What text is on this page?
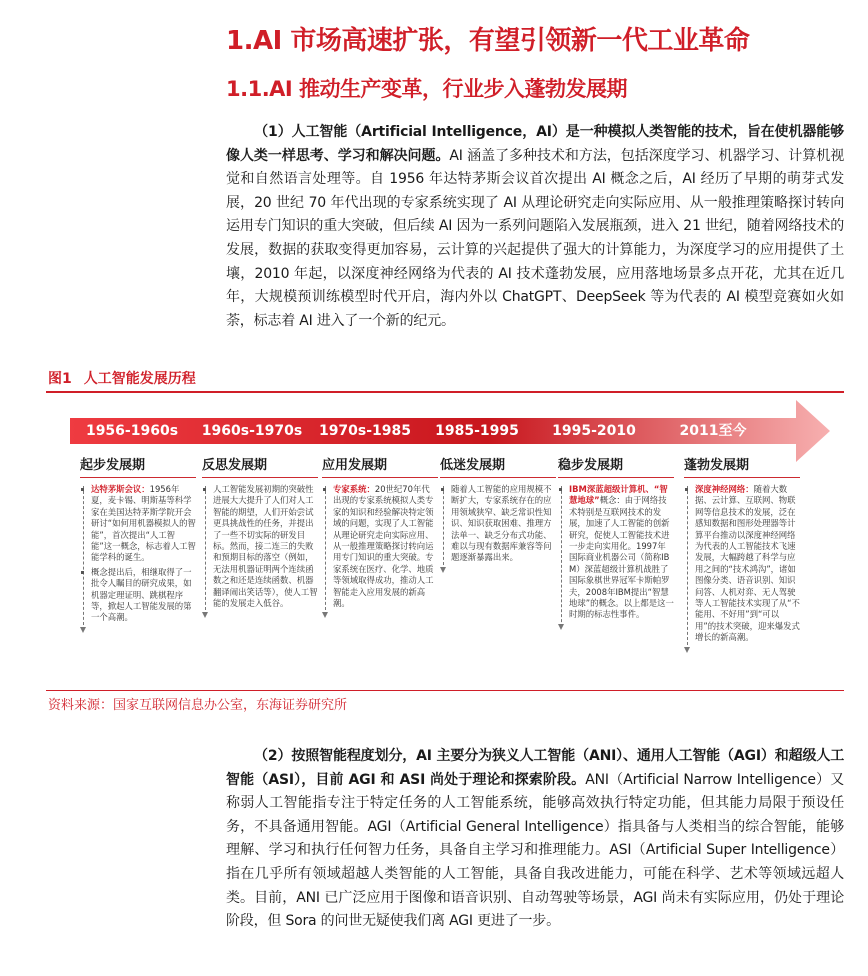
1.AI 市场高速扩张，有望引领新一代工业革命
1.1.AI 推动生产变革，行业步入蓬勃发展期

（1）人工智能（Artificial Intelligence，AI）是一种模拟人类智能的技术，旨在使机器能够像人类一样思考、学习和解决问题。AI 涵盖了多种技术和方法，包括深度学习、机器学习、计算机视觉和自然语言处理等。自 1956 年达特茅斯会议首次提出 AI 概念之后，AI 经历了早期的萌芽式发展，20 世纪 70 年代出现的专家系统实现了 AI 从理论研究走向实际应用、从一般推理策略探讨转向运用专门知识的重大突破，但后续 AI 因为一系列问题陷入发展瓶颈，进入 21 世纪，随着网络技术的发展，数据的获取变得更加容易，云计算的兴起提供了强大的计算能力，为深度学习的应用提供了土壤，2010 年起，以深度神经网络为代表的 AI 技术蓬勃发展，应用落地场景多点开花，尤其在近几年，大规模预训练模型时代开启，海内外以 ChatGPT、DeepSeek 等为代表的 AI 模型竞赛如火如荼，标志着 AI 进入了一个新的纪元。

图1 人工智能发展历程
1956-1960s	1960s-1970s	1970s-1985	1985-1995	1995-2010	2011至今
起步发展期
达特茅斯会议：1956年夏，麦卡锡、明斯基等科学家在美国达特茅斯学院开会研讨“如何用机器模拟人的智能”，首次提出“人工智能”这一概念，标志着人工智能学科的诞生。
概念提出后，相继取得了一批令人瞩目的研究成果，如机器定理证明、跳棋程序等，掀起人工智能发展的第一个高潮。
反思发展期
人工智能发展初期的突破性进展大大提升了人们对人工智能的期望，人们开始尝试更具挑战性的任务，并提出了一些不切实际的研发目标。然而，接二连三的失败和预期目标的落空（例如，无法用机器证明两个连续函数之和还是连续函数、机器翻译闹出笑话等），使人工智能的发展走入低谷。
应用发展期
专家系统：20世纪70年代出现的专家系统模拟人类专家的知识和经验解决特定领域的问题，实现了人工智能从理论研究走向实际应用、从一般推理策略探讨转向运用专门知识的重大突破。专家系统在医疗、化学、地质等领域取得成功，推动人工智能走入应用发展的新高潮。
低迷发展期
随着人工智能的应用规模不断扩大，专家系统存在的应用领域狭窄、缺乏常识性知识、知识获取困难、推理方法单一、缺乏分布式功能、难以与现有数据库兼容等问题逐渐暴露出来。
稳步发展期
IBM深蓝超级计算机、“智慧地球”概念：由于网络技术特别是互联网技术的发展，加速了人工智能的创新研究，促使人工智能技术进一步走向实用化。1997年国际商业机器公司（简称IBM）深蓝超级计算机战胜了国际象棋世界冠军卡斯帕罗夫，2008年IBM提出“智慧地球”的概念。以上都是这一时期的标志性事件。
蓬勃发展期
深度神经网络：随着大数据、云计算、互联网、物联网等信息技术的发展，泛在感知数据和图形处理器等计算平台推动以深度神经网络为代表的人工智能技术飞速发展，大幅跨越了科学与应用之间的“技术鸿沟”，诸如图像分类、语音识别、知识问答、人机对弈、无人驾驶等人工智能技术实现了从“不能用、不好用”到“可以用”的技术突破，迎来爆发式增长的新高潮。
资料来源：国家互联网信息办公室，东海证券研究所

（2）按照智能程度划分，AI 主要分为狭义人工智能（ANI）、通用人工智能（AGI）和超级人工智能（ASI），目前 AGI 和 ASI 尚处于理论和探索阶段。ANI（Artificial Narrow Intelligence）又称弱人工智能指专注于特定任务的人工智能系统，能够高效执行特定功能，但其能力局限于预设任务，不具备通用智能。AGI（Artificial General Intelligence）指具备与人类相当的综合智能，能够理解、学习和执行任何智力任务，具备自主学习和推理能力。ASI（Artificial Super Intelligence）指在几乎所有领域超越人类智能的人工智能，具备自我改进能力，可能在科学、艺术等领域远超人类。目前，ANI 已广泛应用于图像和语音识别、自动驾驶等场景，AGI 尚未有实际应用，仍处于理论阶段，但 Sora 的问世无疑使我们离 AGI 更进了一步。
